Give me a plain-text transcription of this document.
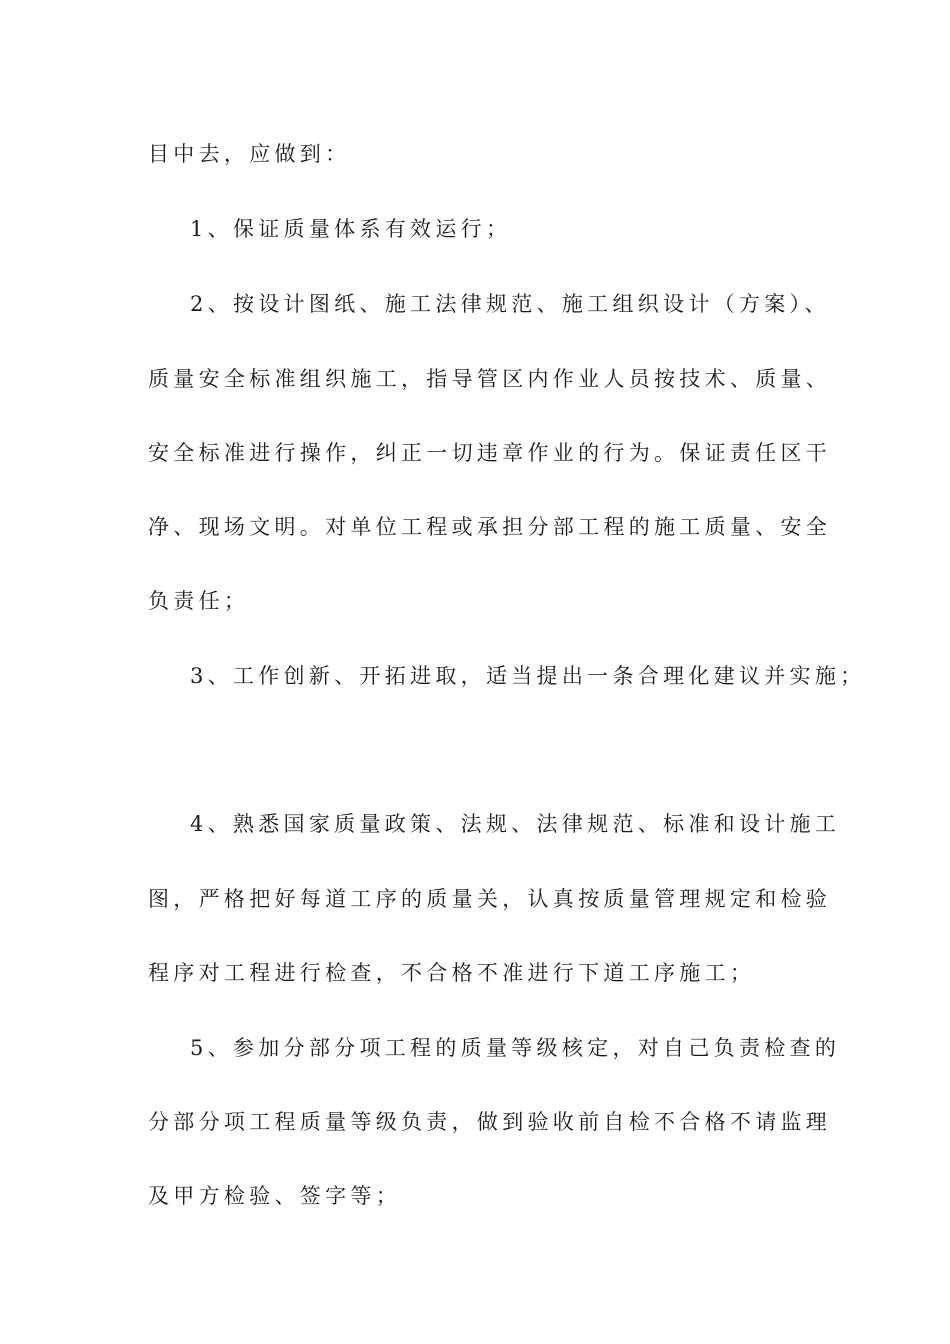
目中去，应做到：
1、保证质量体系有效运行；
2、按设计图纸、施工法律规范、施工组织设计（方案）、
质量安全标准组织施工，指导管区内作业人员按技术、质量、
安全标准进行操作，纠正一切违章作业的行为。保证责任区干
净、现场文明。对单位工程或承担分部工程的施工质量、安全
负责任；
3、工作创新、开拓进取，适当提出一条合理化建议并实施；
4、熟悉国家质量政策、法规、法律规范、标准和设计施工
图，严格把好每道工序的质量关，认真按质量管理规定和检验
程序对工程进行检查，不合格不准进行下道工序施工；
5、参加分部分项工程的质量等级核定，对自己负责检查的
分部分项工程质量等级负责，做到验收前自检不合格不请监理
及甲方检验、签字等；
